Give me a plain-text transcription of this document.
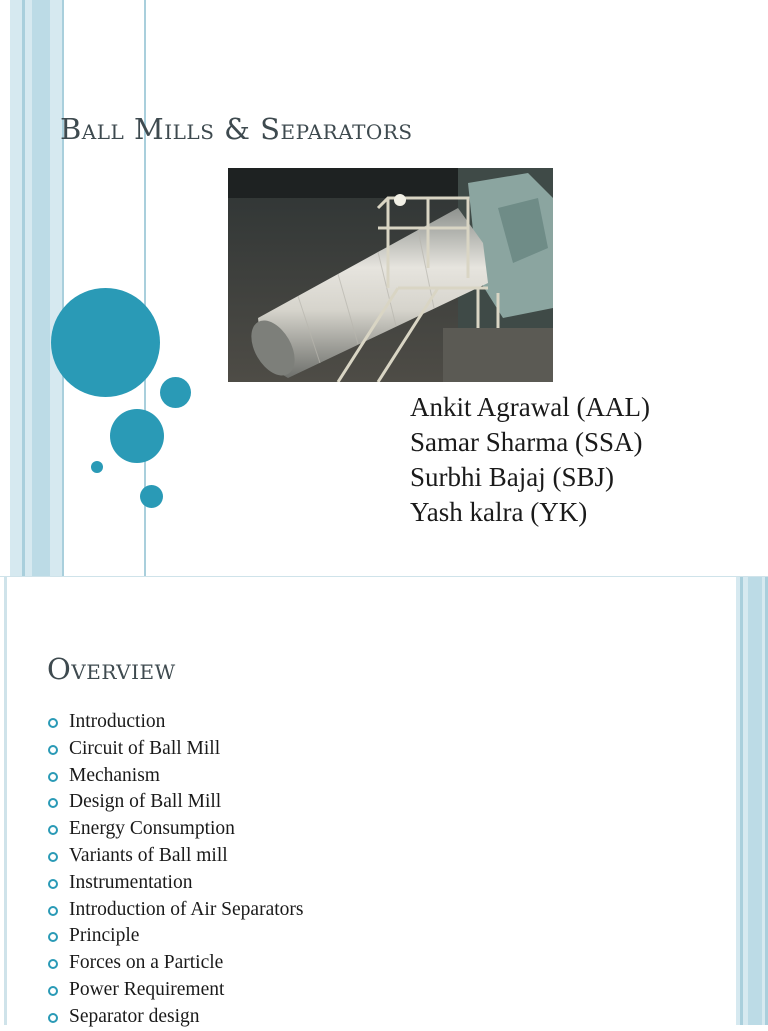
Ball Mills & Separators
Ankit Agrawal (AAL)
Samar Sharma (SSA)
Surbhi Bajaj (SBJ)
Yash kalra (YK)
Overview
Introduction
Circuit of Ball Mill
Mechanism
Design of Ball Mill
Energy Consumption
Variants of Ball mill
Instrumentation
Introduction of Air Separators
Principle
Forces on a Particle
Power Requirement
Separator design
